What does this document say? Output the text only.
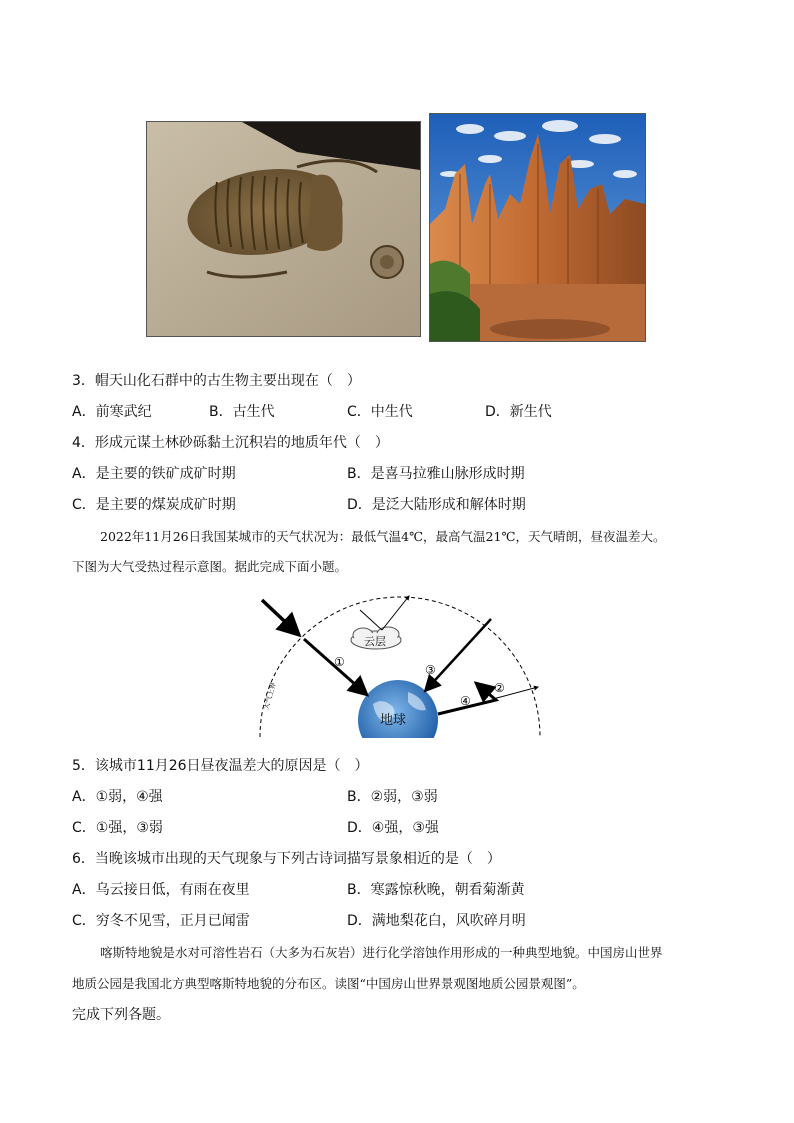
3．帽天山化石群中的古生物主要出现在（　）
A．前寒武纪	B．古生代	C．中生代	D．新生代
4．形成元谋土林砂砾黏土沉积岩的地质年代（　）
A．是主要的铁矿成矿时期	B．是喜马拉雅山脉形成时期
C．是主要的煤炭成矿时期	D．是泛大陆形成和解体时期
2022年11月26日我国某城市的天气状况为：最低气温4℃，最高气温21℃，天气晴朗，昼夜温差大。
下图为大气受热过程示意图。据此完成下面小题。
地球
云层
①
②
③
④
大气上界
5．该城市11月26日昼夜温差大的原因是（　）
A．①弱，④强	B．②弱，③弱
C．①强，③弱	D．④强，③强
6．当晚该城市出现的天气现象与下列古诗词描写景象相近的是（　）
A．乌云接日低，有雨在夜里	B．寒露惊秋晚，朝看菊渐黄
C．穷冬不见雪，正月已闻雷	D．满地梨花白，风吹碎月明
喀斯特地貌是水对可溶性岩石（大多为石灰岩）进行化学溶蚀作用形成的一种典型地貌。中国房山世界
地质公园是我国北方典型喀斯特地貌的分布区。读图“中国房山世界景观图地质公园景观图”。
完成下列各题。
